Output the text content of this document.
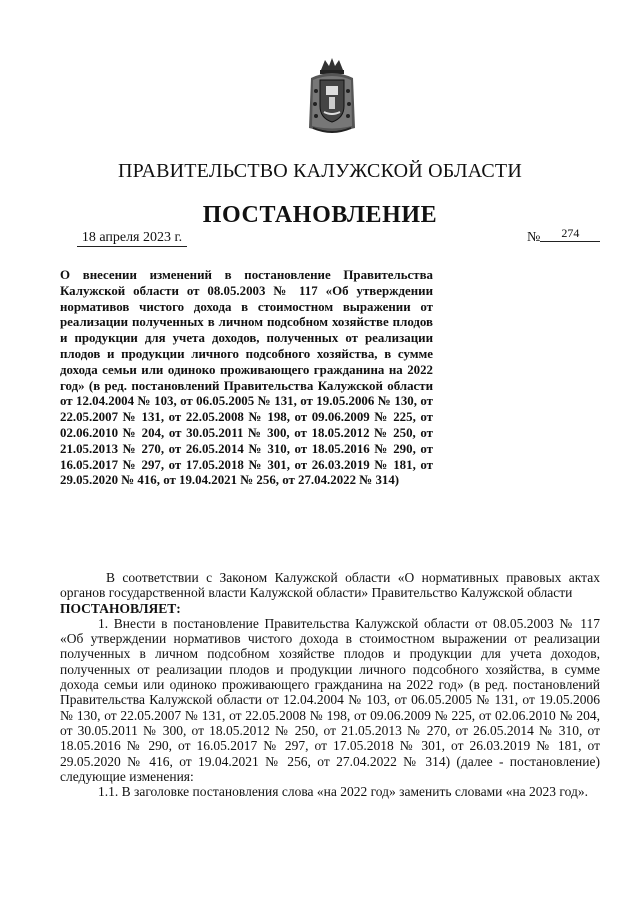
ПРАВИТЕЛЬСТВО КАЛУЖСКОЙ ОБЛАСТИ
ПОСТАНОВЛЕНИЕ
18 апреля 2023 г.	№ 274
О внесении изменений в постановление Правительства Калужской области от 08.05.2003 № 117 «Об утверждении нормативов чистого дохода в стоимостном выражении от реализации полученных в личном подсобном хозяйстве плодов и продукции для учета доходов, полученных от реализации плодов и продукции личного подсобного хозяйства, в сумме дохода семьи или одиноко проживающего гражданина на 2022 год» (в ред. постановлений Правительства Калужской области от 12.04.2004 № 103, от 06.05.2005 № 131, от 19.05.2006 № 130, от 22.05.2007 № 131, от 22.05.2008 № 198, от 09.06.2009 № 225, от 02.06.2010 № 204, от 30.05.2011 № 300, от 18.05.2012 № 250, от 21.05.2013 № 270, от 26.05.2014 № 310, от 18.05.2016 № 290, от 16.05.2017 № 297, от 17.05.2018 № 301, от 26.03.2019 № 181, от 29.05.2020 № 416, от 19.04.2021 № 256, от 27.04.2022 № 314)

В соответствии с Законом Калужской области «О нормативных правовых актах органов государственной власти Калужской области» Правительство Калужской области

ПОСТАНОВЛЯЕТ:

1. Внести в постановление Правительства Калужской области от 08.05.2003 № 117 «Об утверждении нормативов чистого дохода в стоимостном выражении от реализации полученных в личном подсобном хозяйстве плодов и продукции для учета доходов, полученных от реализации плодов и продукции личного подсобного хозяйства, в сумме дохода семьи или одиноко проживающего гражданина на 2022 год» (в ред. постановлений Правительства Калужской области от 12.04.2004 № 103, от 06.05.2005 № 131, от 19.05.2006 № 130, от 22.05.2007 № 131, от 22.05.2008 № 198, от 09.06.2009 № 225, от 02.06.2010 № 204, от 30.05.2011 № 300, от 18.05.2012 № 250, от 21.05.2013 № 270, от 26.05.2014 № 310, от 18.05.2016 № 290, от 16.05.2017 № 297, от 17.05.2018 № 301, от 26.03.2019 № 181, от 29.05.2020 № 416, от 19.04.2021 № 256, от 27.04.2022 № 314) (далее - постановление) следующие изменения:

1.1. В заголовке постановления слова «на 2022 год» заменить словами «на 2023 год».
